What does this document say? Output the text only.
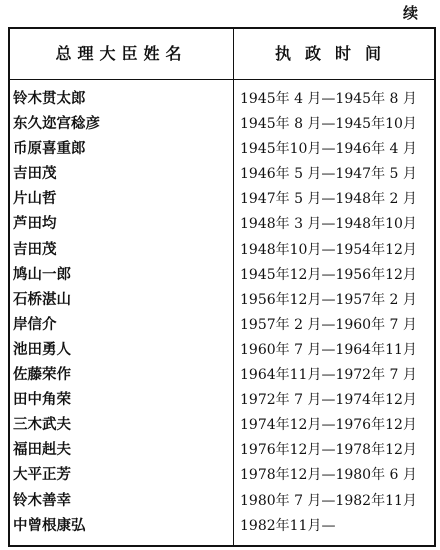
续
总理大臣姓名	执政时间
铃木贯太郎	1945年 4 月—1945年 8 月
东久迩宫稔彦	1945年 8 月—1945年10月
币原喜重郎	1945年10月—1946年 4 月
吉田茂	1946年 5 月—1947年 5 月
片山哲	1947年 5 月—1948年 2 月
芦田均	1948年 3 月—1948年10月
吉田茂	1948年10月—1954年12月
鸠山一郎	1945年12月—1956年12月
石桥湛山	1956年12月—1957年 2 月
岸信介	1957年 2 月—1960年 7 月
池田勇人	1960年 7 月—1964年11月
佐藤荣作	1964年11月—1972年 7 月
田中角荣	1972年 7 月—1974年12月
三木武夫	1974年12月—1976年12月
福田赳夫	1976年12月—1978年12月
大平正芳	1978年12月—1980年 6 月
铃木善幸	1980年 7 月—1982年11月
中曾根康弘	1982年11月—
